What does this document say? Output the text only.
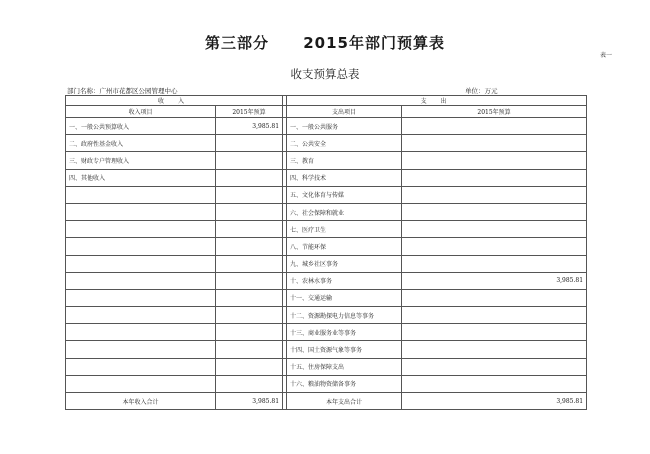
第三部分 2015年部门预算表
表一
收支预算总表
部门名称：广州市花都区公园管理中心	单位：万元
收 入			支 出	
收入项目	2015年预算		支出项目	2015年预算
一、一般公共预算收入	3,985.81		一、一般公共服务	
二、政府性基金收入			二、公共安全	
三、财政专户管理收入			三、教育	
四、其他收入			四、科学技术	
			五、文化体育与传媒	
			六、社会保障和就业	
			七、医疗卫生	
			八、节能环保	
			九、城乡社区事务	
			十、农林水事务	3,985.81
			十一、交通运输	
			十二、资源勘探电力信息等事务	
			十三、商业服务业等事务	
			十四、国土资源气象等事务	
			十五、住房保障支出	
			十六、粮油物资储备事务	
本年收入合计	3,985.81		本年支出合计	3,985.81
